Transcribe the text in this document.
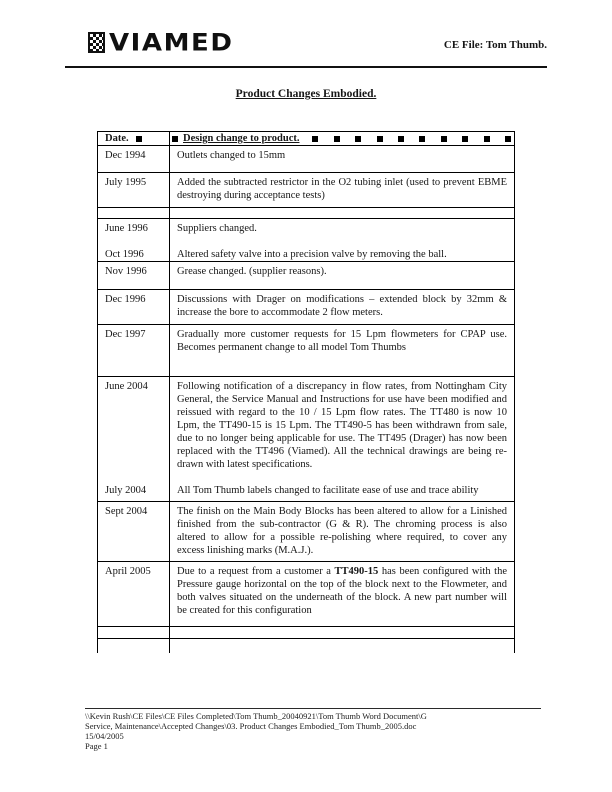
VIAMED	CE File: Tom Thumb.
Product Changes Embodied.
Date.	Design change to product.
Dec 1994	Outlets changed to 15mm
July 1995	Added the subtracted restrictor in the O2 tubing inlet (used to prevent EBME destroying during acceptance tests)
June 1996	Suppliers changed.
Oct 1996	Altered safety valve into a precision valve by removing the ball.
Nov 1996	Grease changed. (supplier reasons).
Dec 1996	Discussions with Drager on modifications – extended block by 32mm & increase the bore to accommodate 2 flow meters.
Dec 1997	Gradually more customer requests for 15 Lpm flowmeters for CPAP use. Becomes permanent change to all model Tom Thumbs
June 2004	Following notification of a discrepancy in flow rates, from Nottingham City General, the Service Manual and Instructions for use have been modified and reissued with regard to the 10 / 15 Lpm flow rates. The TT480 is now 10 Lpm, the TT490-15 is 15 Lpm. The TT490-5 has been withdrawn from sale, due to no longer being applicable for use. The TT495 (Drager) has now been replaced with the TT496 (Viamed). All the technical drawings are being re-drawn with latest specifications.
July 2004	All Tom Thumb labels changed to facilitate ease of use and trace ability
Sept 2004	The finish on the Main Body Blocks has been altered to allow for a Linished finished from the sub-contractor (G & R). The chroming process is also altered to allow for a possible re-polishing where required, to cover any excess linishing marks (M.A.J.).
April 2005	Due to a request from a customer a TT490-15 has been configured with the Pressure gauge horizontal on the top of the block next to the Flowmeter, and both valves situated on the underneath of the block. A new part number will be created for this configuration
\\Kevin Rush\CE Files\CE Files Completed\Tom Thumb_20040921\Tom Thumb Word Document\G
Service, Maintenance\Accepted Changes\03. Product Changes Embodied_Tom Thumb_2005.doc
15/04/2005
Page 1
